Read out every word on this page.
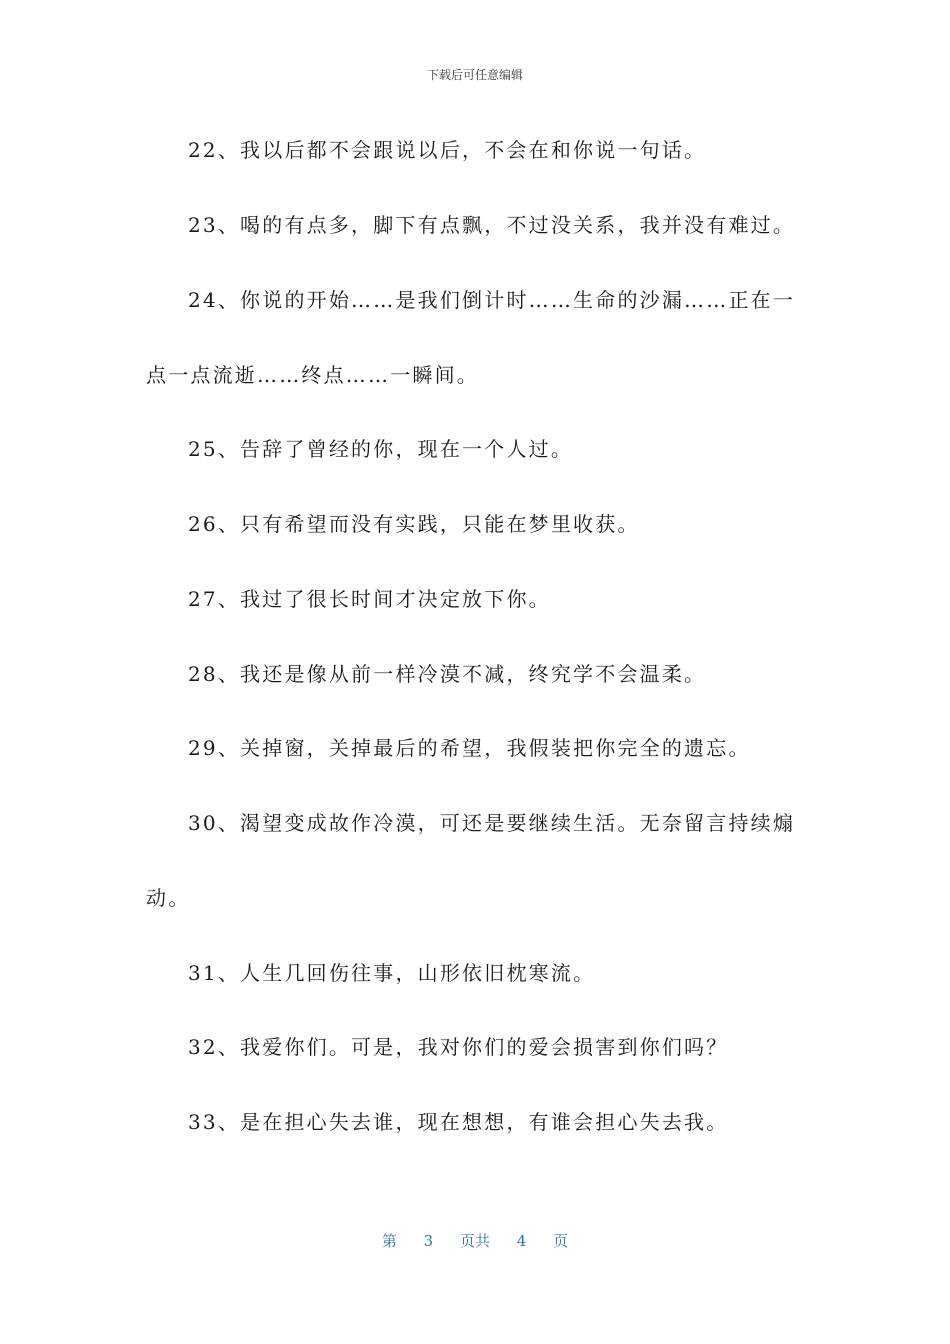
下载后可任意编辑
22、我以后都不会跟说以后，不会在和你说一句话。
23、喝的有点多，脚下有点飘，不过没关系，我并没有难过。
24、你说的开始……是我们倒计时……生命的沙漏……正在一
点一点流逝……终点……一瞬间。
25、告辞了曾经的你，现在一个人过。
26、只有希望而没有实践，只能在梦里收获。
27、我过了很长时间才决定放下你。
28、我还是像从前一样冷漠不减，终究学不会温柔。
29、关掉窗，关掉最后的希望，我假装把你完全的遗忘。
30、渴望变成故作冷漠，可还是要继续生活。无奈留言持续煽
动。
31、人生几回伤往事，山形依旧枕寒流。
32、我爱你们。可是，我对你们的爱会损害到你们吗？
33、是在担心失去谁，现在想想，有谁会担心失去我。
第 3 页共 4 页
